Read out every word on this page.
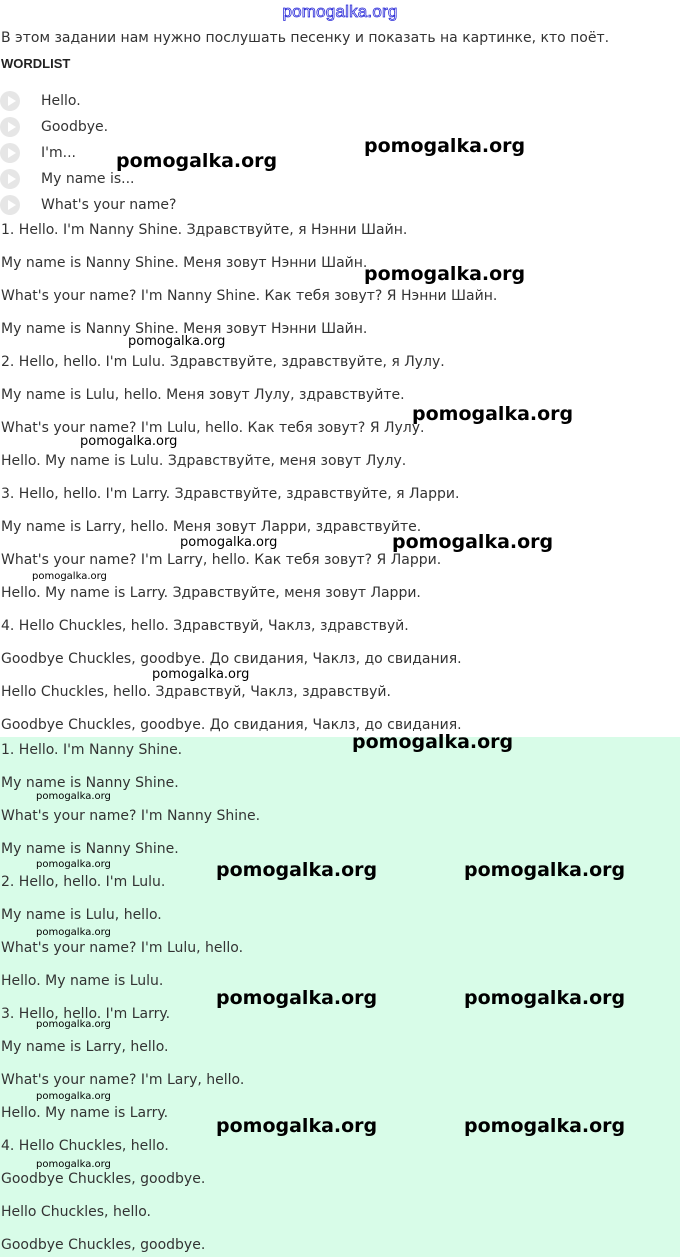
pomogalka.org
В этом задании нам нужно послушать песенку и показать на картинке, кто поёт.
WORDLIST
Hello.
Goodbye.
I'm...
My name is...
What's your name?
1. Hello. I'm Nanny Shine. Здравствуйте, я Нэнни Шайн.
My name is Nanny Shine. Меня зовут Нэнни Шайн.
What's your name? I'm Nanny Shine. Как тебя зовут? Я Нэнни Шайн.
My name is Nanny Shine. Меня зовут Нэнни Шайн.
2. Hello, hello. I'm Lulu. Здравствуйте, здравствуйте, я Лулу.
My name is Lulu, hello. Меня зовут Лулу, здравствуйте.
What's your name? I'm Lulu, hello. Как тебя зовут? Я Лулу.
Hello. My name is Lulu. Здравствуйте, меня зовут Лулу.
3. Hello, hello. I'm Larry. Здравствуйте, здравствуйте, я Ларри.
My name is Larry, hello. Меня зовут Ларри, здравствуйте.
What's your name? I'm Larry, hello. Как тебя зовут? Я Ларри.
Hello. My name is Larry. Здравствуйте, меня зовут Ларри.
4. Hello Chuckles, hello. Здравствуй, Чаклз, здравствуй.
Goodbye Chuckles, goodbye. До свидания, Чаклз, до свидания.
Hello Chuckles, hello. Здравствуй, Чаклз, здравствуй.
Goodbye Chuckles, goodbye. До свидания, Чаклз, до свидания.
1. Hello. I'm Nanny Shine.
My name is Nanny Shine.
What's your name? I'm Nanny Shine.
My name is Nanny Shine.
2. Hello, hello. I'm Lulu.
My name is Lulu, hello.
What's your name? I'm Lulu, hello.
Hello. My name is Lulu.
3. Hello, hello. I'm Larry.
My name is Larry, hello.
What's your name? I'm Lary, hello.
Hello. My name is Larry.
4. Hello Chuckles, hello.
Goodbye Chuckles, goodbye.
Hello Chuckles, hello.
Goodbye Chuckles, goodbye.
pomogalka.org
pomogalka.org
pomogalka.org
pomogalka.org
pomogalka.org
pomogalka.org
pomogalka.org	pomogalka.org
pomogalka.org
pomogalka.org
pomogalka.org
pomogalka.org
pomogalka.org	pomogalka.org	pomogalka.org
pomogalka.org
pomogalka.org	pomogalka.org
pomogalka.org
pomogalka.org
pomogalka.org	pomogalka.org
pomogalka.org
